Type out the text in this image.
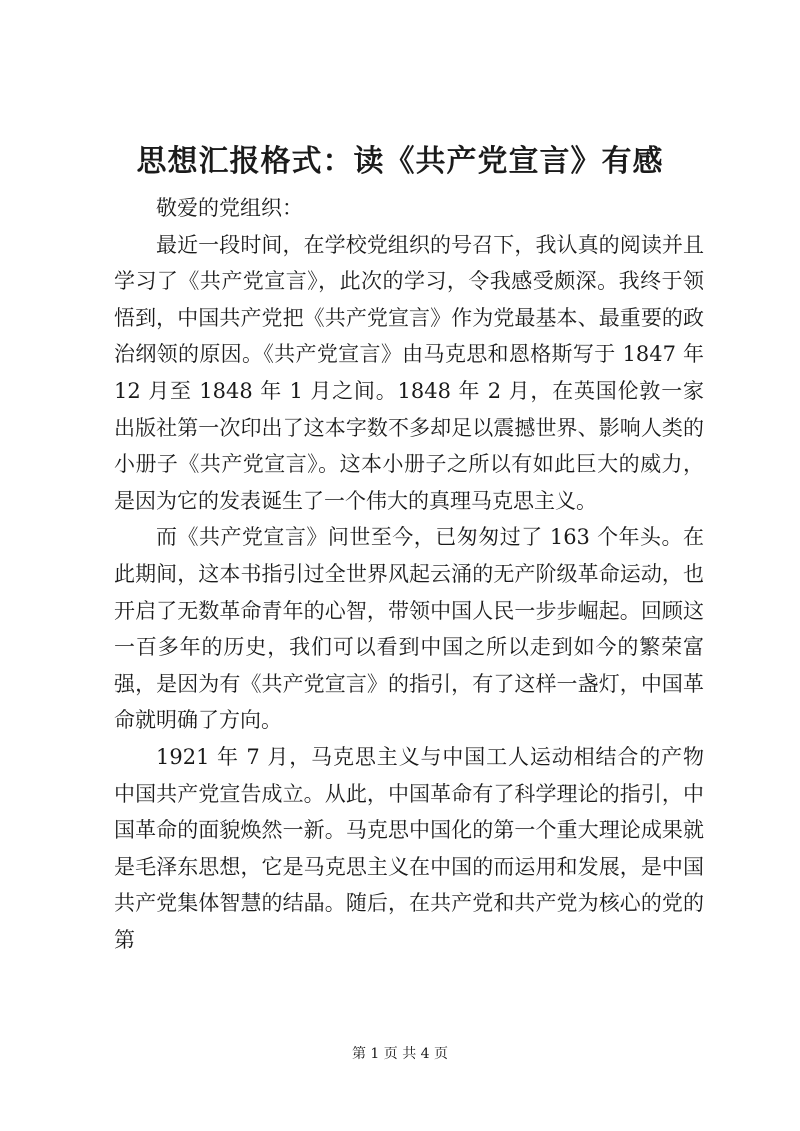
思想汇报格式：读《共产党宣言》有感

敬爱的党组织：

最近一段时间，在学校党组织的号召下，我认真的阅读并且学习了《共产党宣言》，此次的学习，令我感受颇深。我终于领悟到，中国共产党把《共产党宣言》作为党最基本、最重要的政治纲领的原因。《共产党宣言》由马克思和恩格斯写于 1847 年 12 月至 1848 年 1 月之间。1848 年 2 月，在英国伦敦一家出版社第一次印出了这本字数不多却足以震撼世界、影响人类的小册子《共产党宣言》。这本小册子之所以有如此巨大的威力，是因为它的发表诞生了一个伟大的真理马克思主义。

而《共产党宣言》问世至今，已匆匆过了 163 个年头。在此期间，这本书指引过全世界风起云涌的无产阶级革命运动，也开启了无数革命青年的心智，带领中国人民一步步崛起。回顾这一百多年的历史，我们可以看到中国之所以走到如今的繁荣富强，是因为有《共产党宣言》的指引，有了这样一盏灯，中国革命就明确了方向。

1921 年 7 月，马克思主义与中国工人运动相结合的产物中国共产党宣告成立。从此，中国革命有了科学理论的指引，中国革命的面貌焕然一新。马克思中国化的第一个重大理论成果就是毛泽东思想，它是马克思主义在中国的而运用和发展，是中国共产党集体智慧的结晶。随后，在共产党和共产党为核心的党的第

第 1 页 共 4 页
